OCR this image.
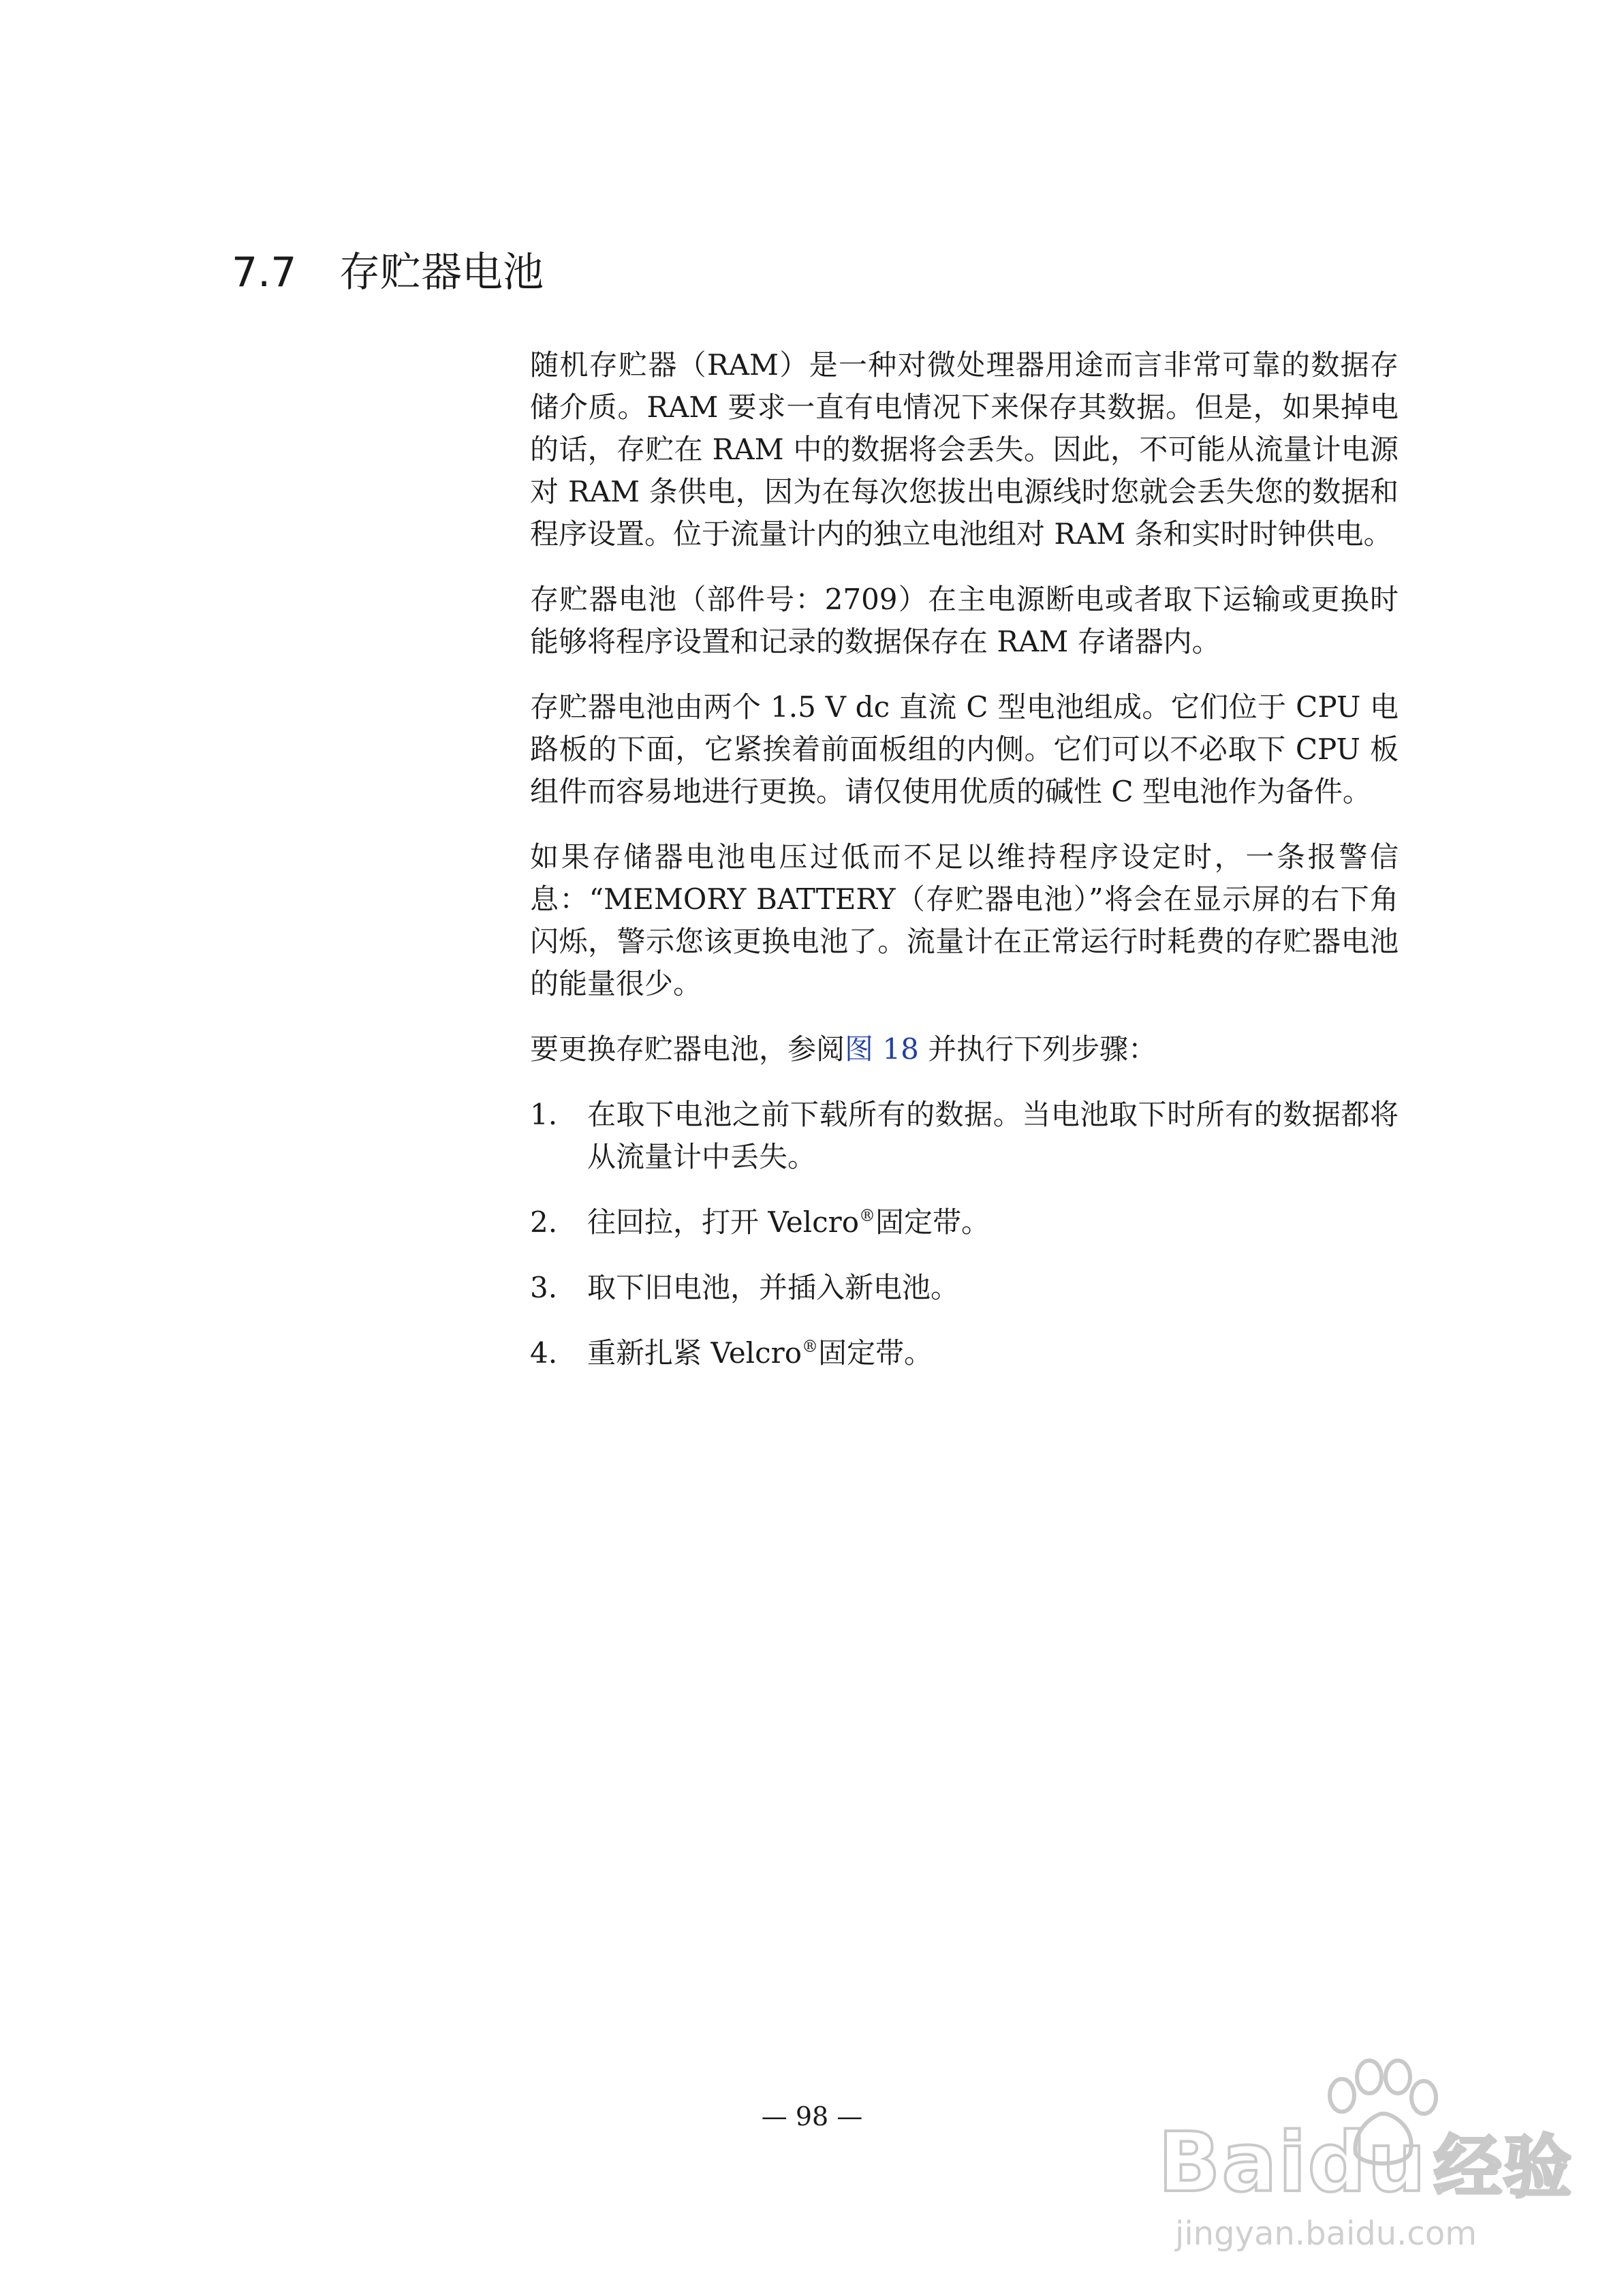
7.7 存贮器电池

随机存贮器（RAM）是一种对微处理器用途而言非常可靠的数据存储介质。RAM 要求一直有电情况下来保存其数据。但是，如果掉电的话，存贮在 RAM 中的数据将会丢失。因此，不可能从流量计电源对 RAM 条供电，因为在每次您拔出电源线时您就会丢失您的数据和程序设置。位于流量计内的独立电池组对 RAM 条和实时时钟供电。

存贮器电池（部件号：2709）在主电源断电或者取下运输或更换时能够将程序设置和记录的数据保存在 RAM 存诸器内。

存贮器电池由两个 1.5 V dc 直流 C 型电池组成。它们位于 CPU 电路板的下面，它紧挨着前面板组的内侧。它们可以不必取下 CPU 板组件而容易地进行更换。请仅使用优质的碱性 C 型电池作为备件。

如果存储器电池电压过低而不足以维持程序设定时，一条报警信息：“MEMORY BATTERY（存贮器电池）”将会在显示屏的右下角闪烁，警示您该更换电池了。流量计在正常运行时耗费的存贮器电池的能量很少。

要更换存贮器电池，参阅图 18 并执行下列步骤：

1. 在取下电池之前下载所有的数据。当电池取下时所有的数据都将从流量计中丢失。
2. 往回拉，打开 Velcro®固定带。
3. 取下旧电池，并插入新电池。
4. 重新扎紧 Velcro®固定带。
— 98 —	Baidu 经验
jingyan.baidu.com
